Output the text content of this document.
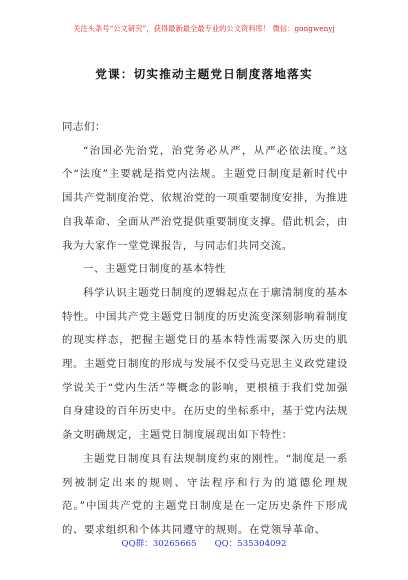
关注头条号“公文研究”，获得最新最全最专业的公文资料库！ 微信：gongwenyj
党课：切实推动主题党日制度落地落实

同志们：

“治国必先治党，治党务必从严，从严必依法度。”这个“法度”主要就是指党内法规。主题党日制度是新时代中国共产党制度治党、依规治党的一项重要制度安排，为推进自我革命、全面从严治党提供重要制度支撑。借此机会，由我为大家作一堂党课报告，与同志们共同交流。

一、主题党日制度的基本特性

科学认识主题党日制度的逻辑起点在于廓清制度的基本特性。中国共产党主题党日制度的历史流变深刻影响着制度的现实样态，把握主题党日的基本特性需要深入历史的肌理。主题党日制度的形成与发展不仅受马克思主义政党建设学说关于“党内生活”等概念的影响，更根植于我们党加强自身建设的百年历史中。在历史的坐标系中，基于党内法规条文明确规定，主题党日制度展现出如下特性：

主题党日制度具有法规制度约束的刚性。“制度是一系列被制定出来的规则、守法程序和行为的道德伦理规范。”中国共产党的主题党日制度是在一定历史条件下形成的、要求组织和个体共同遵守的规则。在党领导革命、

QQ群：30265665 QQ：535304092
